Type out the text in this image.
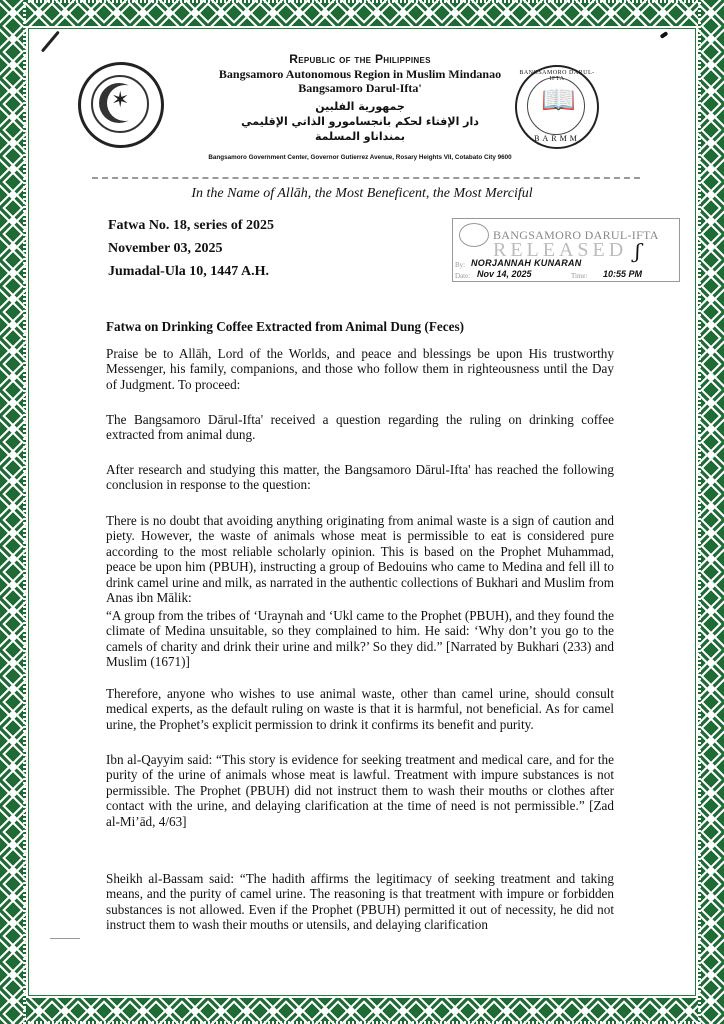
✶
BANGSAMORO DARUL-IFTA
📖
BARMM
Republic of the Philippines
Bangsamoro Autonomous Region in Muslim Mindanao
Bangsamoro Darul-Ifta'
جمهورية الفلبين
دار الإفتاء لحكم بانجسامورو الذاتي الإقليمي
بمنداناو المسلمة
Bangsamoro Government Center, Governor Gutierrez Avenue, Rosary Heights VII, Cotabato City 9600
In the Name of Allāh, the Most Beneficent, the Most Merciful
Fatwa No. 18, series of 2025
November 03, 2025
Jumadal-Ula 10, 1447 A.H.
BANGSAMORO DARUL-IFTA
RELEASED ʃ
By: NORJANNAH KUNARAN
Date: Nov 14, 2025	Time: 10:55 PM
Fatwa on Drinking Coffee Extracted from Animal Dung (Feces)
Praise be to Allāh, Lord of the Worlds, and peace and blessings be upon His trustworthy Messenger, his family, companions, and those who follow them in righteousness until the Day of Judgment. To proceed:
The Bangsamoro Dārul-Ifta' received a question regarding the ruling on drinking coffee extracted from animal dung.
After research and studying this matter, the Bangsamoro Dārul-Ifta' has reached the following conclusion in response to the question:
There is no doubt that avoiding anything originating from animal waste is a sign of caution and piety. However, the waste of animals whose meat is permissible to eat is considered pure according to the most reliable scholarly opinion. This is based on the Prophet Muhammad, peace be upon him (PBUH), instructing a group of Bedouins who came to Medina and fell ill to drink camel urine and milk, as narrated in the authentic collections of Bukhari and Muslim from Anas ibn Mālik:
“A group from the tribes of ‘Uraynah and ‘Ukl came to the Prophet (PBUH), and they found the climate of Medina unsuitable, so they complained to him. He said: ‘Why don’t you go to the camels of charity and drink their urine and milk?’ So they did.” [Narrated by Bukhari (233) and Muslim (1671)]
Therefore, anyone who wishes to use animal waste, other than camel urine, should consult medical experts, as the default ruling on waste is that it is harmful, not beneficial. As for camel urine, the Prophet’s explicit permission to drink it confirms its benefit and purity.
Ibn al-Qayyim said: “This story is evidence for seeking treatment and medical care, and for the purity of the urine of animals whose meat is lawful. Treatment with impure substances is not permissible. The Prophet (PBUH) did not instruct them to wash their mouths or clothes after contact with the urine, and delaying clarification at the time of need is not permissible.” [Zad al-Mi’ād, 4/63]
Sheikh al-Bassam said: “The hadith affirms the legitimacy of seeking treatment and taking means, and the purity of camel urine. The reasoning is that treatment with impure or forbidden substances is not allowed. Even if the Prophet (PBUH) permitted it out of necessity, he did not instruct them to wash their mouths or utensils, and delaying clarification
